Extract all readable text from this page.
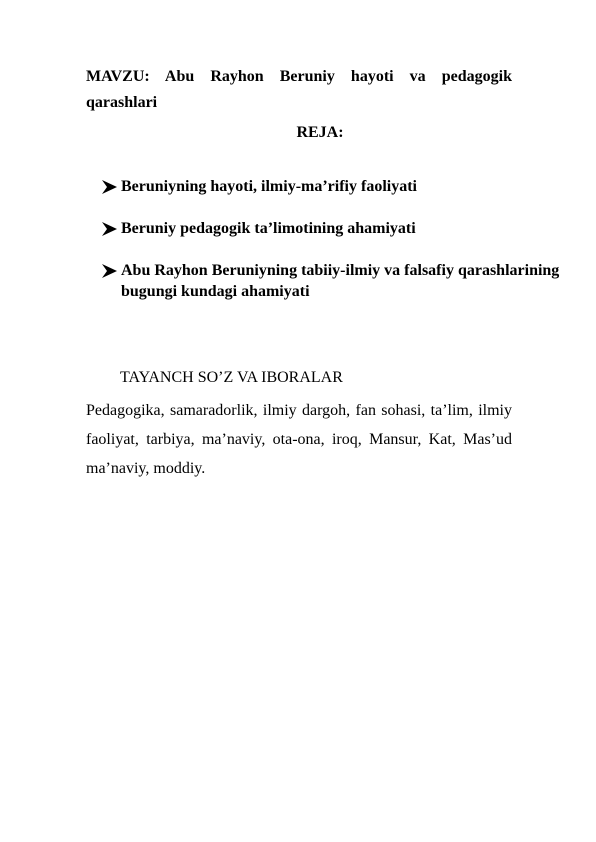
MAVZU: Abu Rayhon Beruniy hayoti va pedagogik qarashlari

REJA:

Beruniyning hayoti, ilmiy-ma’rifiy faoliyati
Beruniy pedagogik ta’limotining ahamiyati
Abu Rayhon Beruniyning tabiiy-ilmiy va falsafiy qarashlarining bugungi kundagi ahamiyati

TAYANCH SO’Z VA IBORALAR

Pedagogika, samaradorlik, ilmiy dargoh, fan sohasi, ta’lim, ilmiy faoliyat, tarbiya, ma’naviy, ota-ona, iroq, Mansur, Kat, Mas’ud ma’naviy, moddiy.
